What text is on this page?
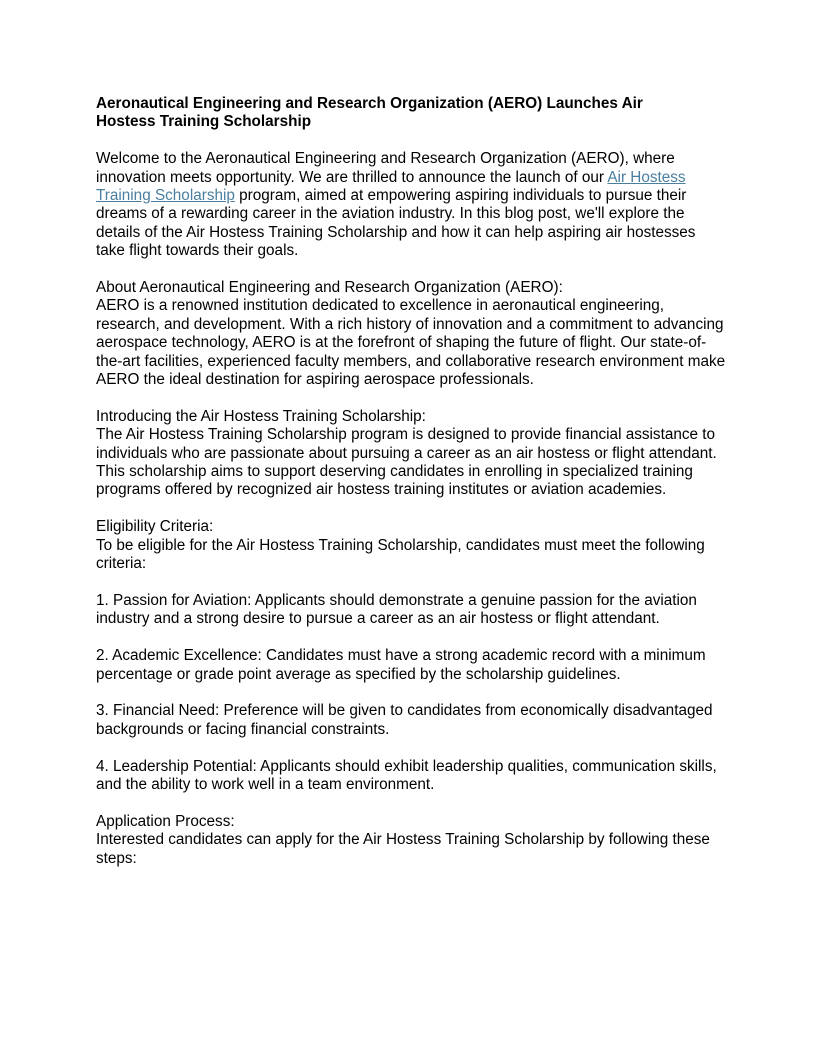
Aeronautical Engineering and Research Organization (AERO) Launches Air
Hostess Training Scholarship

Welcome to the Aeronautical Engineering and Research Organization (AERO), where innovation meets opportunity. We are thrilled to announce the launch of our Air Hostess Training Scholarship program, aimed at empowering aspiring individuals to pursue their dreams of a rewarding career in the aviation industry. In this blog post, we'll explore the details of the Air Hostess Training Scholarship and how it can help aspiring air hostesses take flight towards their goals.

About Aeronautical Engineering and Research Organization (AERO):
AERO is a renowned institution dedicated to excellence in aeronautical engineering, research, and development. With a rich history of innovation and a commitment to advancing aerospace technology, AERO is at the forefront of shaping the future of flight. Our state-of-the-art facilities, experienced faculty members, and collaborative research environment make AERO the ideal destination for aspiring aerospace professionals.

Introducing the Air Hostess Training Scholarship:
The Air Hostess Training Scholarship program is designed to provide financial assistance to individuals who are passionate about pursuing a career as an air hostess or flight attendant. This scholarship aims to support deserving candidates in enrolling in specialized training programs offered by recognized air hostess training institutes or aviation academies.

Eligibility Criteria:
To be eligible for the Air Hostess Training Scholarship, candidates must meet the following criteria:

1. Passion for Aviation: Applicants should demonstrate a genuine passion for the aviation industry and a strong desire to pursue a career as an air hostess or flight attendant.

2. Academic Excellence: Candidates must have a strong academic record with a minimum percentage or grade point average as specified by the scholarship guidelines.

3. Financial Need: Preference will be given to candidates from economically disadvantaged backgrounds or facing financial constraints.

4. Leadership Potential: Applicants should exhibit leadership qualities, communication skills, and the ability to work well in a team environment.

Application Process:
Interested candidates can apply for the Air Hostess Training Scholarship by following these steps:
